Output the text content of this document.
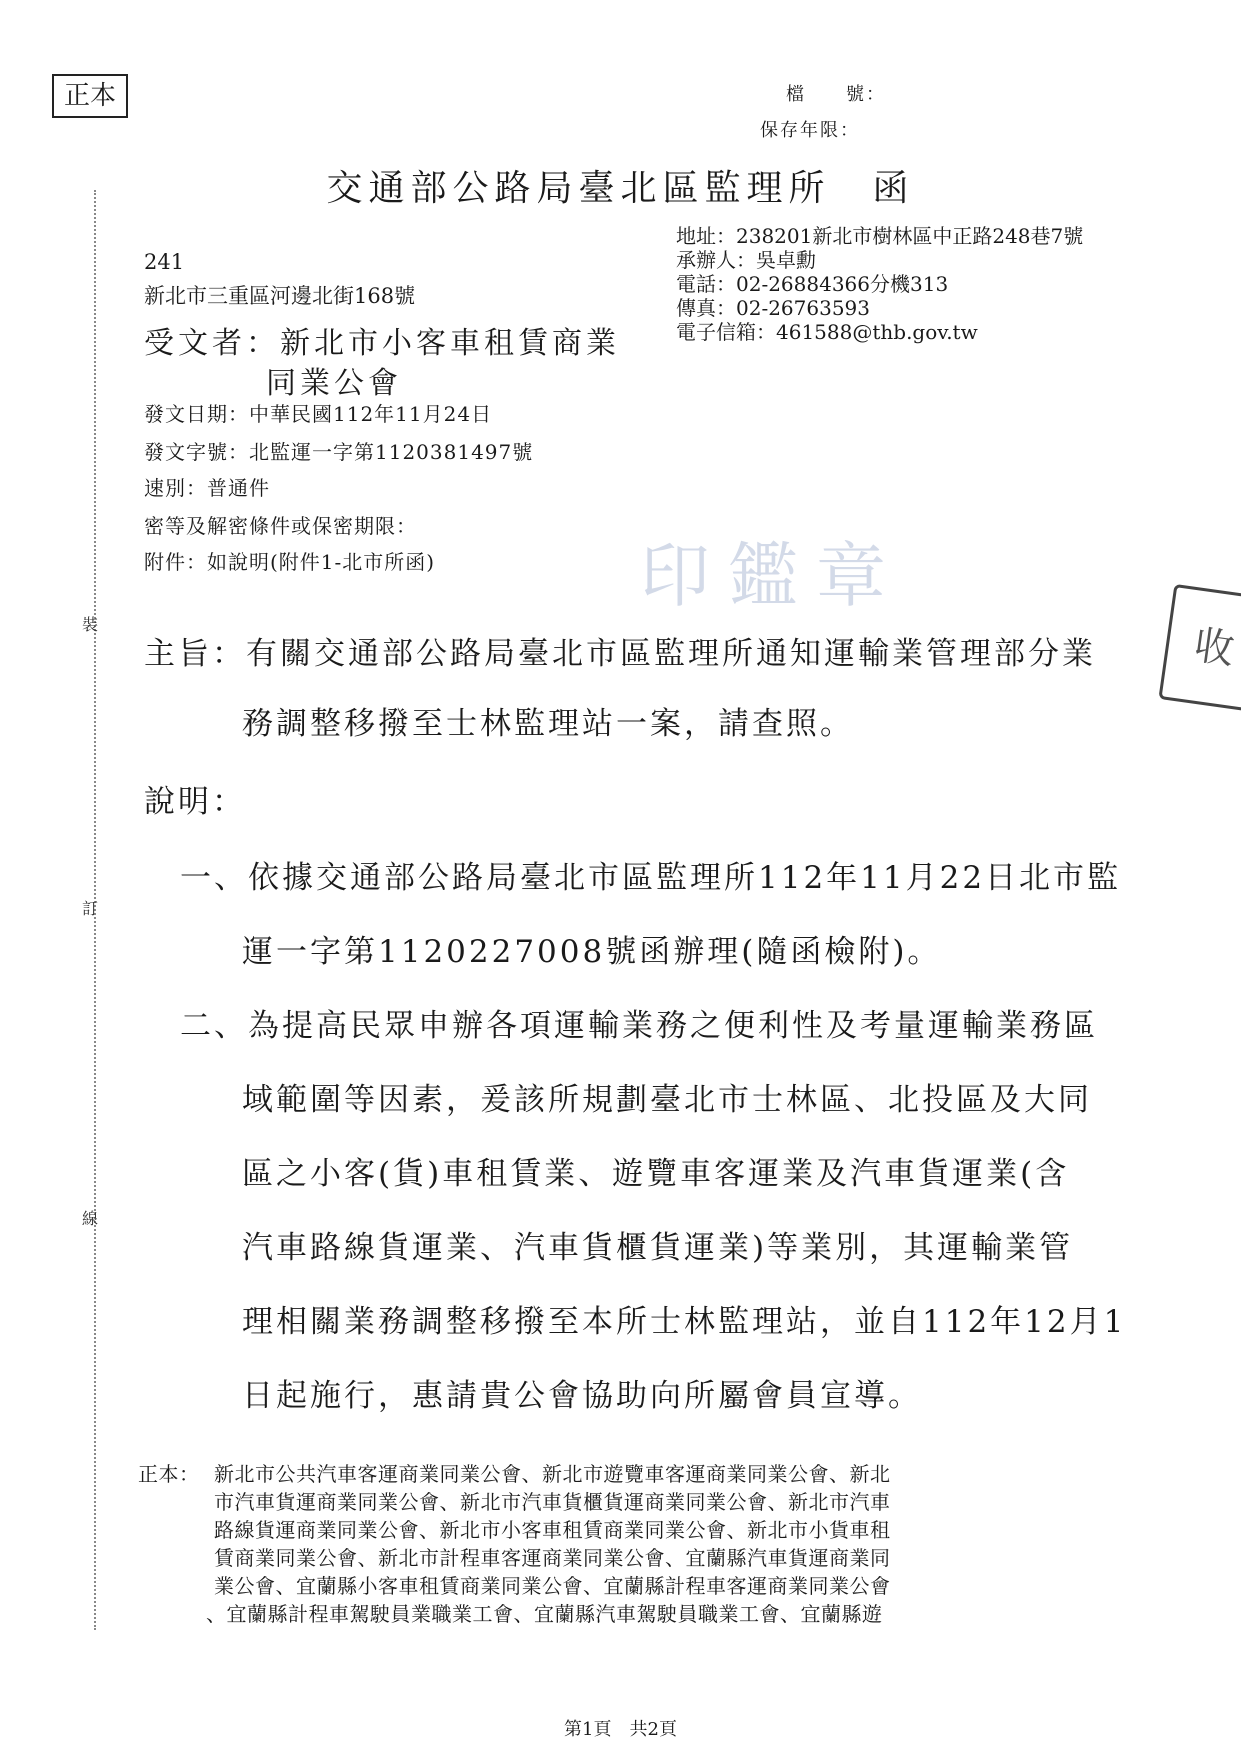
正本	檔　　號：
保存年限：
交通部公路局臺北區監理所　函
地址：238201新北市樹林區中正路248巷7號
承辦人：吳卓勳
電話：02-26884366分機313
傳真：02-26763593
電子信箱：461588@thb.gov.tw
241
新北市三重區河邊北街168號
受文者：新北市小客車租賃商業
同業公會
發文日期：中華民國112年11月24日
發文字號：北監運一字第1120381497號
速別：普通件
密等及解密條件或保密期限：
附件：如說明(附件1-北市所函)	印鑑章
收
主旨：有關交通部公路局臺北市區監理所通知運輸業管理部分業
務調整移撥至士林監理站一案，請查照。
說明：
一、依據交通部公路局臺北市區監理所112年11月22日北市監
運一字第1120227008號函辦理(隨函檢附)。
二、為提高民眾申辦各項運輸業務之便利性及考量運輸業務區
域範圍等因素，爰該所規劃臺北市士林區、北投區及大同
區之小客(貨)車租賃業、遊覽車客運業及汽車貨運業(含
汽車路線貨運業、汽車貨櫃貨運業)等業別，其運輸業管
理相關業務調整移撥至本所士林監理站，並自112年12月1
日起施行，惠請貴公會協助向所屬會員宣導。
正本： 新北市公共汽車客運商業同業公會、新北市遊覽車客運商業同業公會、新北
市汽車貨運商業同業公會、新北市汽車貨櫃貨運商業同業公會、新北市汽車
路線貨運商業同業公會、新北市小客車租賃商業同業公會、新北市小貨車租
賃商業同業公會、新北市計程車客運商業同業公會、宜蘭縣汽車貨運商業同
業公會、宜蘭縣小客車租賃商業同業公會、宜蘭縣計程車客運商業同業公會
、宜蘭縣計程車駕駛員業職業工會、宜蘭縣汽車駕駛員職業工會、宜蘭縣遊
裝
訂
線
第1頁　共2頁
